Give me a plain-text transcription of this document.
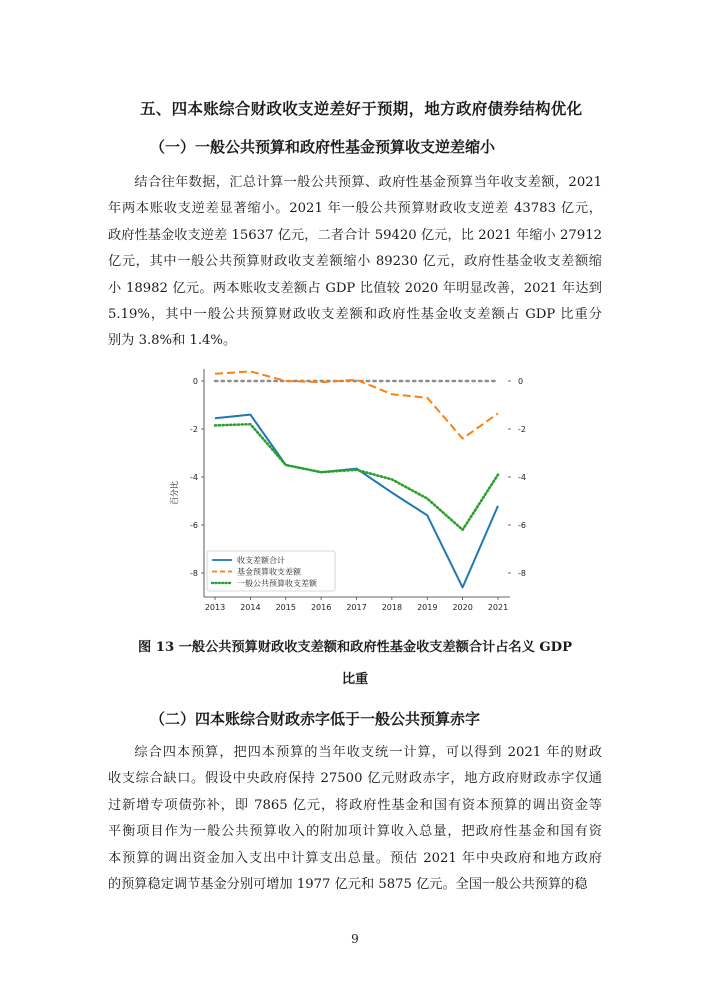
五、四本账综合财政收支逆差好于预期，地方政府债券结构优化
（一）一般公共预算和政府性基金预算收支逆差缩小
结合往年数据，汇总计算一般公共预算、政府性基金预算当年收支差额，2021
年两本账收支逆差显著缩小。2021 年一般公共预算财政收支逆差 43783 亿元，
政府性基金收支逆差 15637 亿元，二者合计 59420 亿元，比 2021 年缩小 27912
亿元，其中一般公共预算财政收支差额缩小 89230 亿元，政府性基金收支差额缩
小 18982 亿元。两本账收支差额占 GDP 比值较 2020 年明显改善，2021 年达到
5.19%，其中一般公共预算财政收支差额和政府性基金收支差额占 GDP 比重分
别为 3.8%和 1.4%。
0
-2
-4
-6
-8
0
-2
-4
-6
-8
2013 2014 2015 2016 2017 2018 2019 2020 2021
百分比
收支差额合计
基金预算收支差额
一般公共预算收支差额
图 13 一般公共预算财政收支差额和政府性基金收支差额合计占名义 GDP
比重
（二）四本账综合财政赤字低于一般公共预算赤字
综合四本预算，把四本预算的当年收支统一计算，可以得到 2021 年的财政
收支综合缺口。假设中央政府保持 27500 亿元财政赤字，地方政府财政赤字仅通
过新增专项债弥补，即 7865 亿元，将政府性基金和国有资本预算的调出资金等
平衡项目作为一般公共预算收入的附加项计算收入总量，把政府性基金和国有资
本预算的调出资金加入支出中计算支出总量。预估 2021 年中央政府和地方政府
的预算稳定调节基金分别可增加 1977 亿元和 5875 亿元。全国一般公共预算的稳
9
